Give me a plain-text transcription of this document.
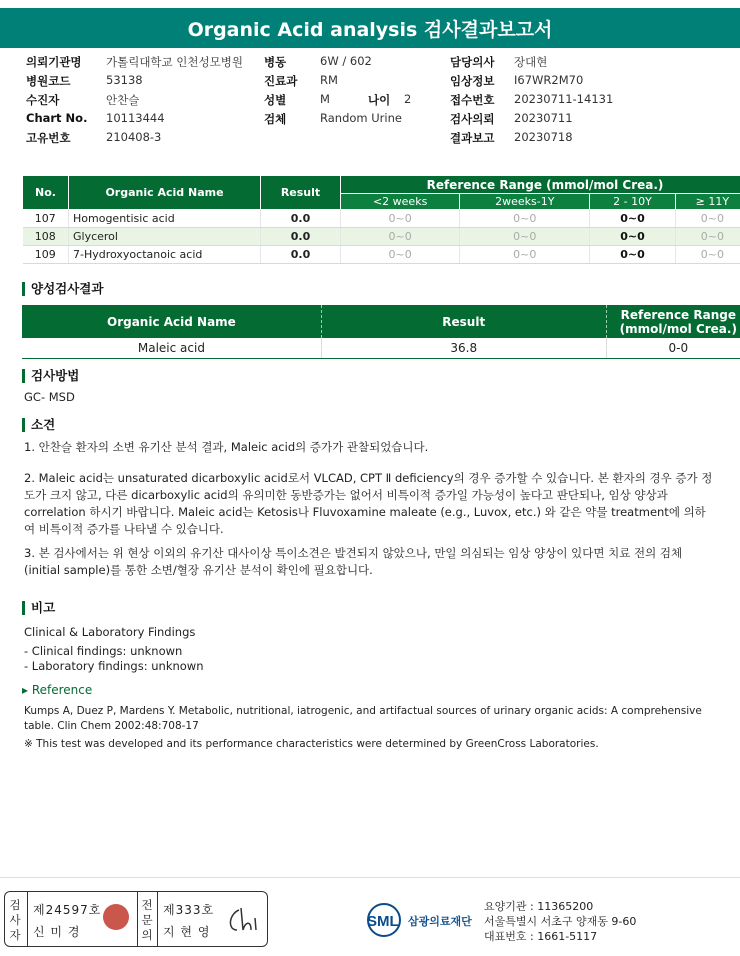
Organic Acid analysis 검사결과보고서
의뢰기관명 가톨릭대학교 인천성모병원 병동	6W / 602	담당의사 장대현
병원코드	53138	진료과 RM	임상정보 I67WR2M70
수진자	안찬슬	성별	M	나이 2	접수번호 20230711-14131
Chart No. 10113444	검체	Random Urine	검사의뢰 20230711
고유번호	210408-3	결과보고 20230718
No.	Organic Acid Name	Result	Reference Range (mmol/mol Crea.)			
			<2 weeks	2weeks-1Y	2 - 10Y	≥ 11Y
107	Homogentisic acid	0.0	0~0	0~0	0~0	0~0
108	Glycerol	0.0	0~0	0~0	0~0	0~0
109	7-Hydroxyoctanoic acid	0.0	0~0	0~0	0~0	0~0
양성검사결과
Organic Acid Name	Result	Reference Range (mmol/mol Crea.)
Maleic acid	36.8	0-0
검사방법
GC- MSD
소견
1. 안찬슬 환자의 소변 유기산 분석 결과, Maleic acid의 증가가 관찰되었습니다.
2. Maleic acid는 unsaturated dicarboxylic acid로서 VLCAD, CPT Ⅱ deficiency의 경우 증가할 수 있습니다. 본 환자의 경우 증가 정도가 크지 않고, 다른 dicarboxylic acid의 유의미한 동반증가는 없어서 비특이적 증가일 가능성이 높다고 판단되나, 임상 양상과 correlation 하시기 바랍니다. Maleic acid는 Ketosis나 Fluvoxamine maleate (e.g., Luvox, etc.) 와 같은 약물 treatment에 의하여 비특이적 증가를 나타낼 수 있습니다.
3. 본 검사에서는 위 현상 이외의 유기산 대사이상 특이소견은 발견되지 않았으나, 만일 의심되는 임상 양상이 있다면 치료 전의 검체(initial sample)를 통한 소변/혈장 유기산 분석이 확인에 필요합니다.
비고
Clinical & Laboratory Findings
- Clinical findings: unknown
- Laboratory findings: unknown
▸ Reference
Kumps A, Duez P, Mardens Y. Metabolic, nutritional, iatrogenic, and artifactual sources of urinary organic acids: A comprehensive table. Clin Chem 2002:48:708-17
※ This test was developed and its performance characteristics were determined by GreenCross Laboratories.
검사자
제24597호
신 미 경
전문의
제333호
지 현 영
SML 삼광의료재단
요양기관 : 11365200
서울특별시 서초구 양재동 9-60
대표번호 : 1661-5117
